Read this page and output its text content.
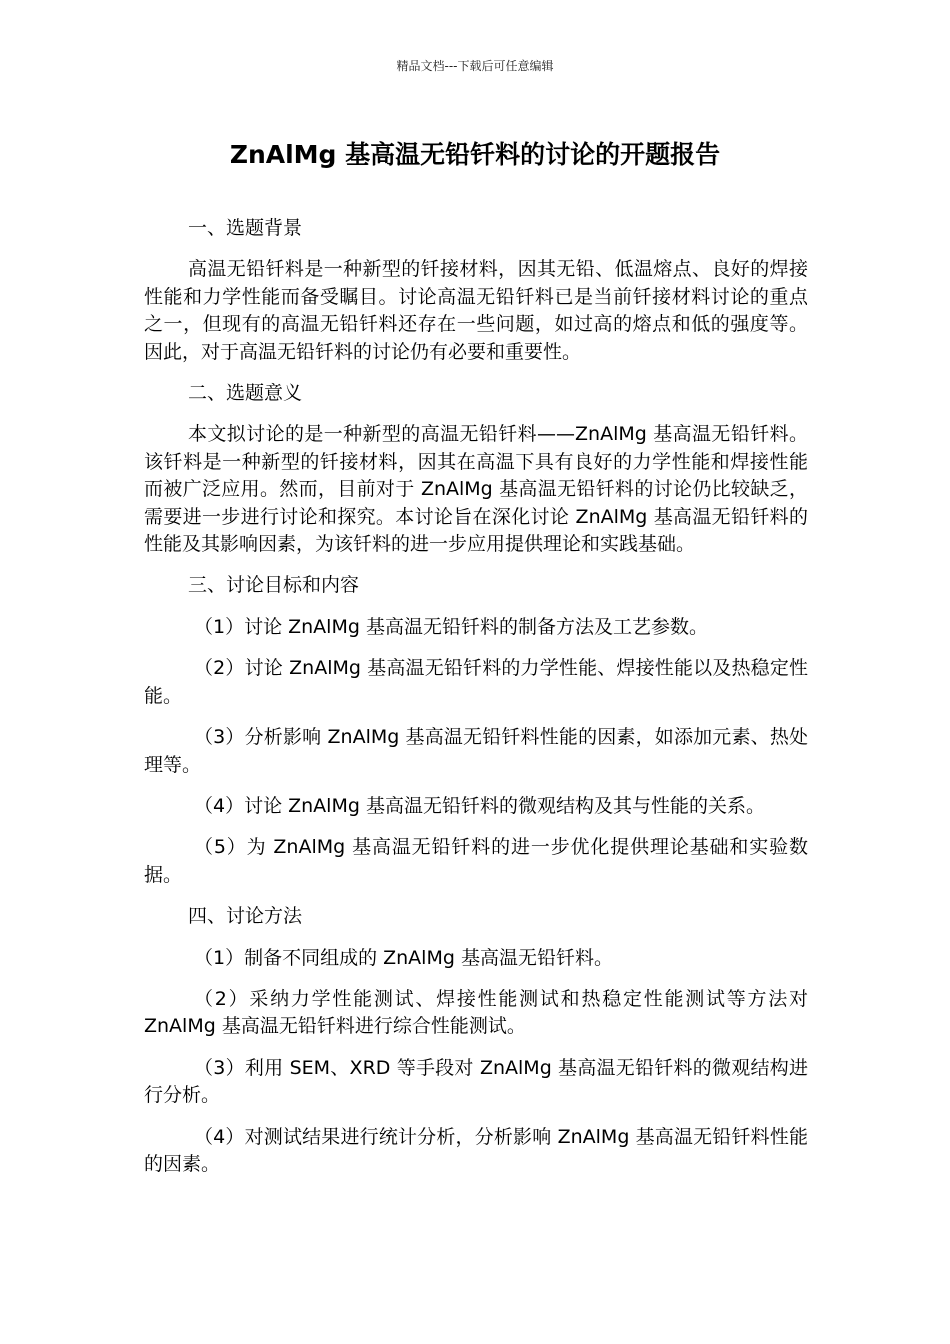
精品文档---下载后可任意编辑
ZnAlMg 基高温无铅钎料的讨论的开题报告

一、选题背景

高温无铅钎料是一种新型的钎接材料，因其无铅、低温熔点、良好的焊接性能和力学性能而备受瞩目。讨论高温无铅钎料已是当前钎接材料讨论的重点之一，但现有的高温无铅钎料还存在一些问题，如过高的熔点和低的强度等。因此，对于高温无铅钎料的讨论仍有必要和重要性。

二、选题意义

本文拟讨论的是一种新型的高温无铅钎料——ZnAlMg 基高温无铅钎料。该钎料是一种新型的钎接材料，因其在高温下具有良好的力学性能和焊接性能而被广泛应用。然而，目前对于 ZnAlMg 基高温无铅钎料的讨论仍比较缺乏，需要进一步进行讨论和探究。本讨论旨在深化讨论 ZnAlMg 基高温无铅钎料的性能及其影响因素，为该钎料的进一步应用提供理论和实践基础。

三、讨论目标和内容

（1）讨论 ZnAlMg 基高温无铅钎料的制备方法及工艺参数。

（2）讨论 ZnAlMg 基高温无铅钎料的力学性能、焊接性能以及热稳定性能。

（3）分析影响 ZnAlMg 基高温无铅钎料性能的因素，如添加元素、热处理等。

（4）讨论 ZnAlMg 基高温无铅钎料的微观结构及其与性能的关系。

（5）为 ZnAlMg 基高温无铅钎料的进一步优化提供理论基础和实验数据。

四、讨论方法

（1）制备不同组成的 ZnAlMg 基高温无铅钎料。

（2）采纳力学性能测试、焊接性能测试和热稳定性能测试等方法对 ZnAlMg 基高温无铅钎料进行综合性能测试。

（3）利用 SEM、XRD 等手段对 ZnAlMg 基高温无铅钎料的微观结构进行分析。

（4）对测试结果进行统计分析，分析影响 ZnAlMg 基高温无铅钎料性能的因素。
